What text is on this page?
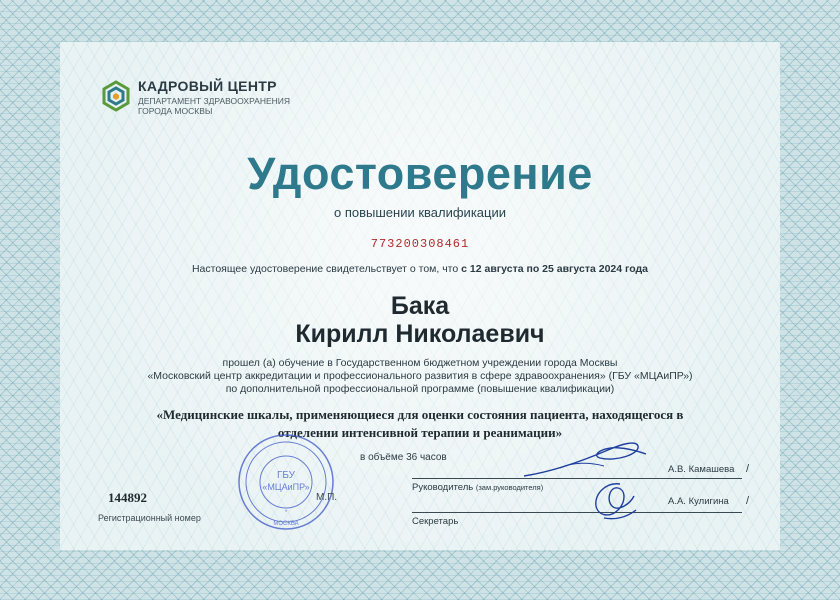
КАДРОВЫЙ ЦЕНТР
ДЕПАРТАМЕНТ ЗДРАВООХРАНЕНИЯ
ГОРОДА МОСКВЫ
Удостоверение
о повышении квалификации
773200308461
Настоящее удостоверение свидетельствует о том, что с 12 августа по 25 августа 2024 года
Бака
Кирилл Николаевич
прошел (а) обучение в Государственном бюджетном учреждении города Москвы
«Московский центр аккредитации и профессионального развития в сфере здравоохранения» (ГБУ «МЦАиПР»)
по дополнительной профессиональной программе (повышение квалификации)
«Медицинские шкалы, применяющиеся для оценки состояния пациента, находящегося в
отделении интенсивной терапии и реанимации»
в объёме 36 часов
ГБУ
«МЦАиПР»
*
МОСКВА
М.П.
144892
Регистрационный номер
А.В. Камашева /
Руководитель (зам.руководителя)
А.А. Кулигина /
Секретарь
